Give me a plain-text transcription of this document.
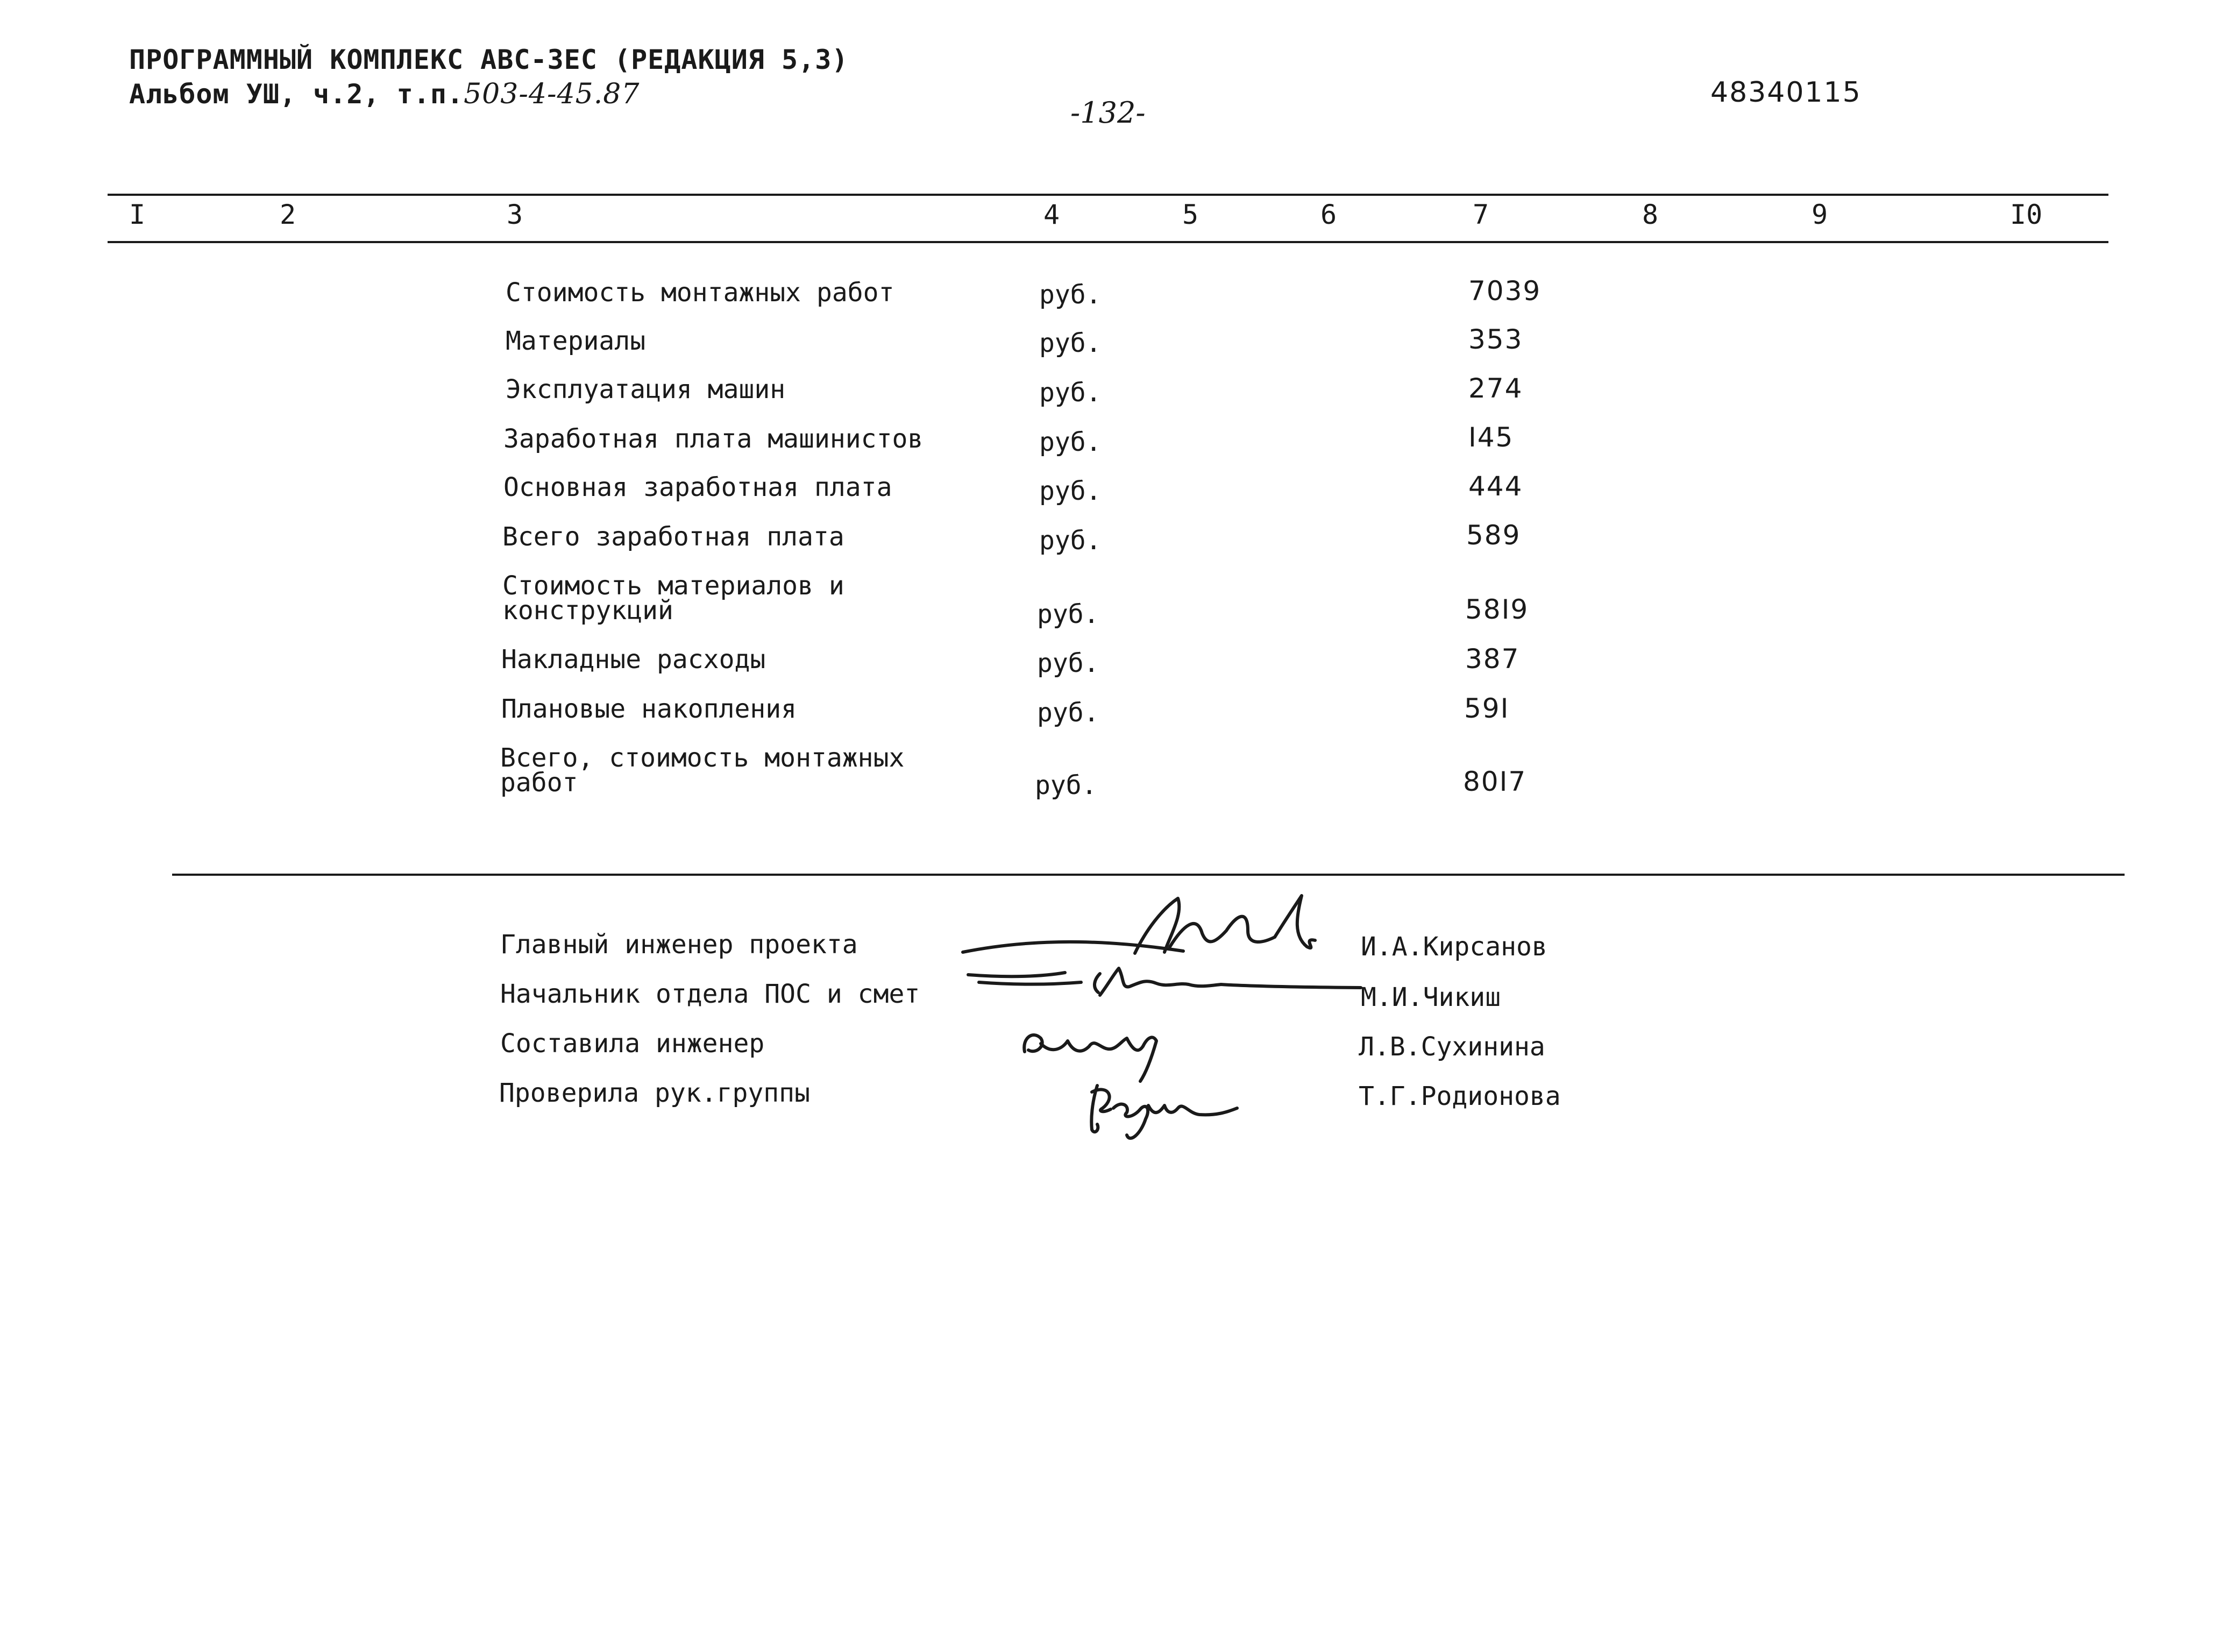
ПРОГРАММНЫЙ КОМПЛЕКС АВС-ЗЕС (РЕДАКЦИЯ 5,3)
Альбом УШ, ч.2, т.п.503-4-45.87
-132-
48340115
I	2	3	4	5	6	7	8	9	I0
Стоимость монтажных работ	руб.	7039
Материалы	руб.	353
Эксплуатация машин	руб.	274
Заработная плата машинистов	руб.	I45
Основная заработная плата	руб.	444
Всего заработная плата	руб.	589
Стоимость материалов и
конструкций	руб.	58I9
Накладные расходы	руб.	387
Плановые накопления	руб.	59I
Всего, стоимость монтажных
работ	руб.	80I7
Главный инженер проекта	И.А.Кирсанов
Начальник отдела ПОС и смет	М.И.Чикиш
Составила инженер	Л.В.Сухинина
Проверила рук.группы	Т.Г.Родионова
